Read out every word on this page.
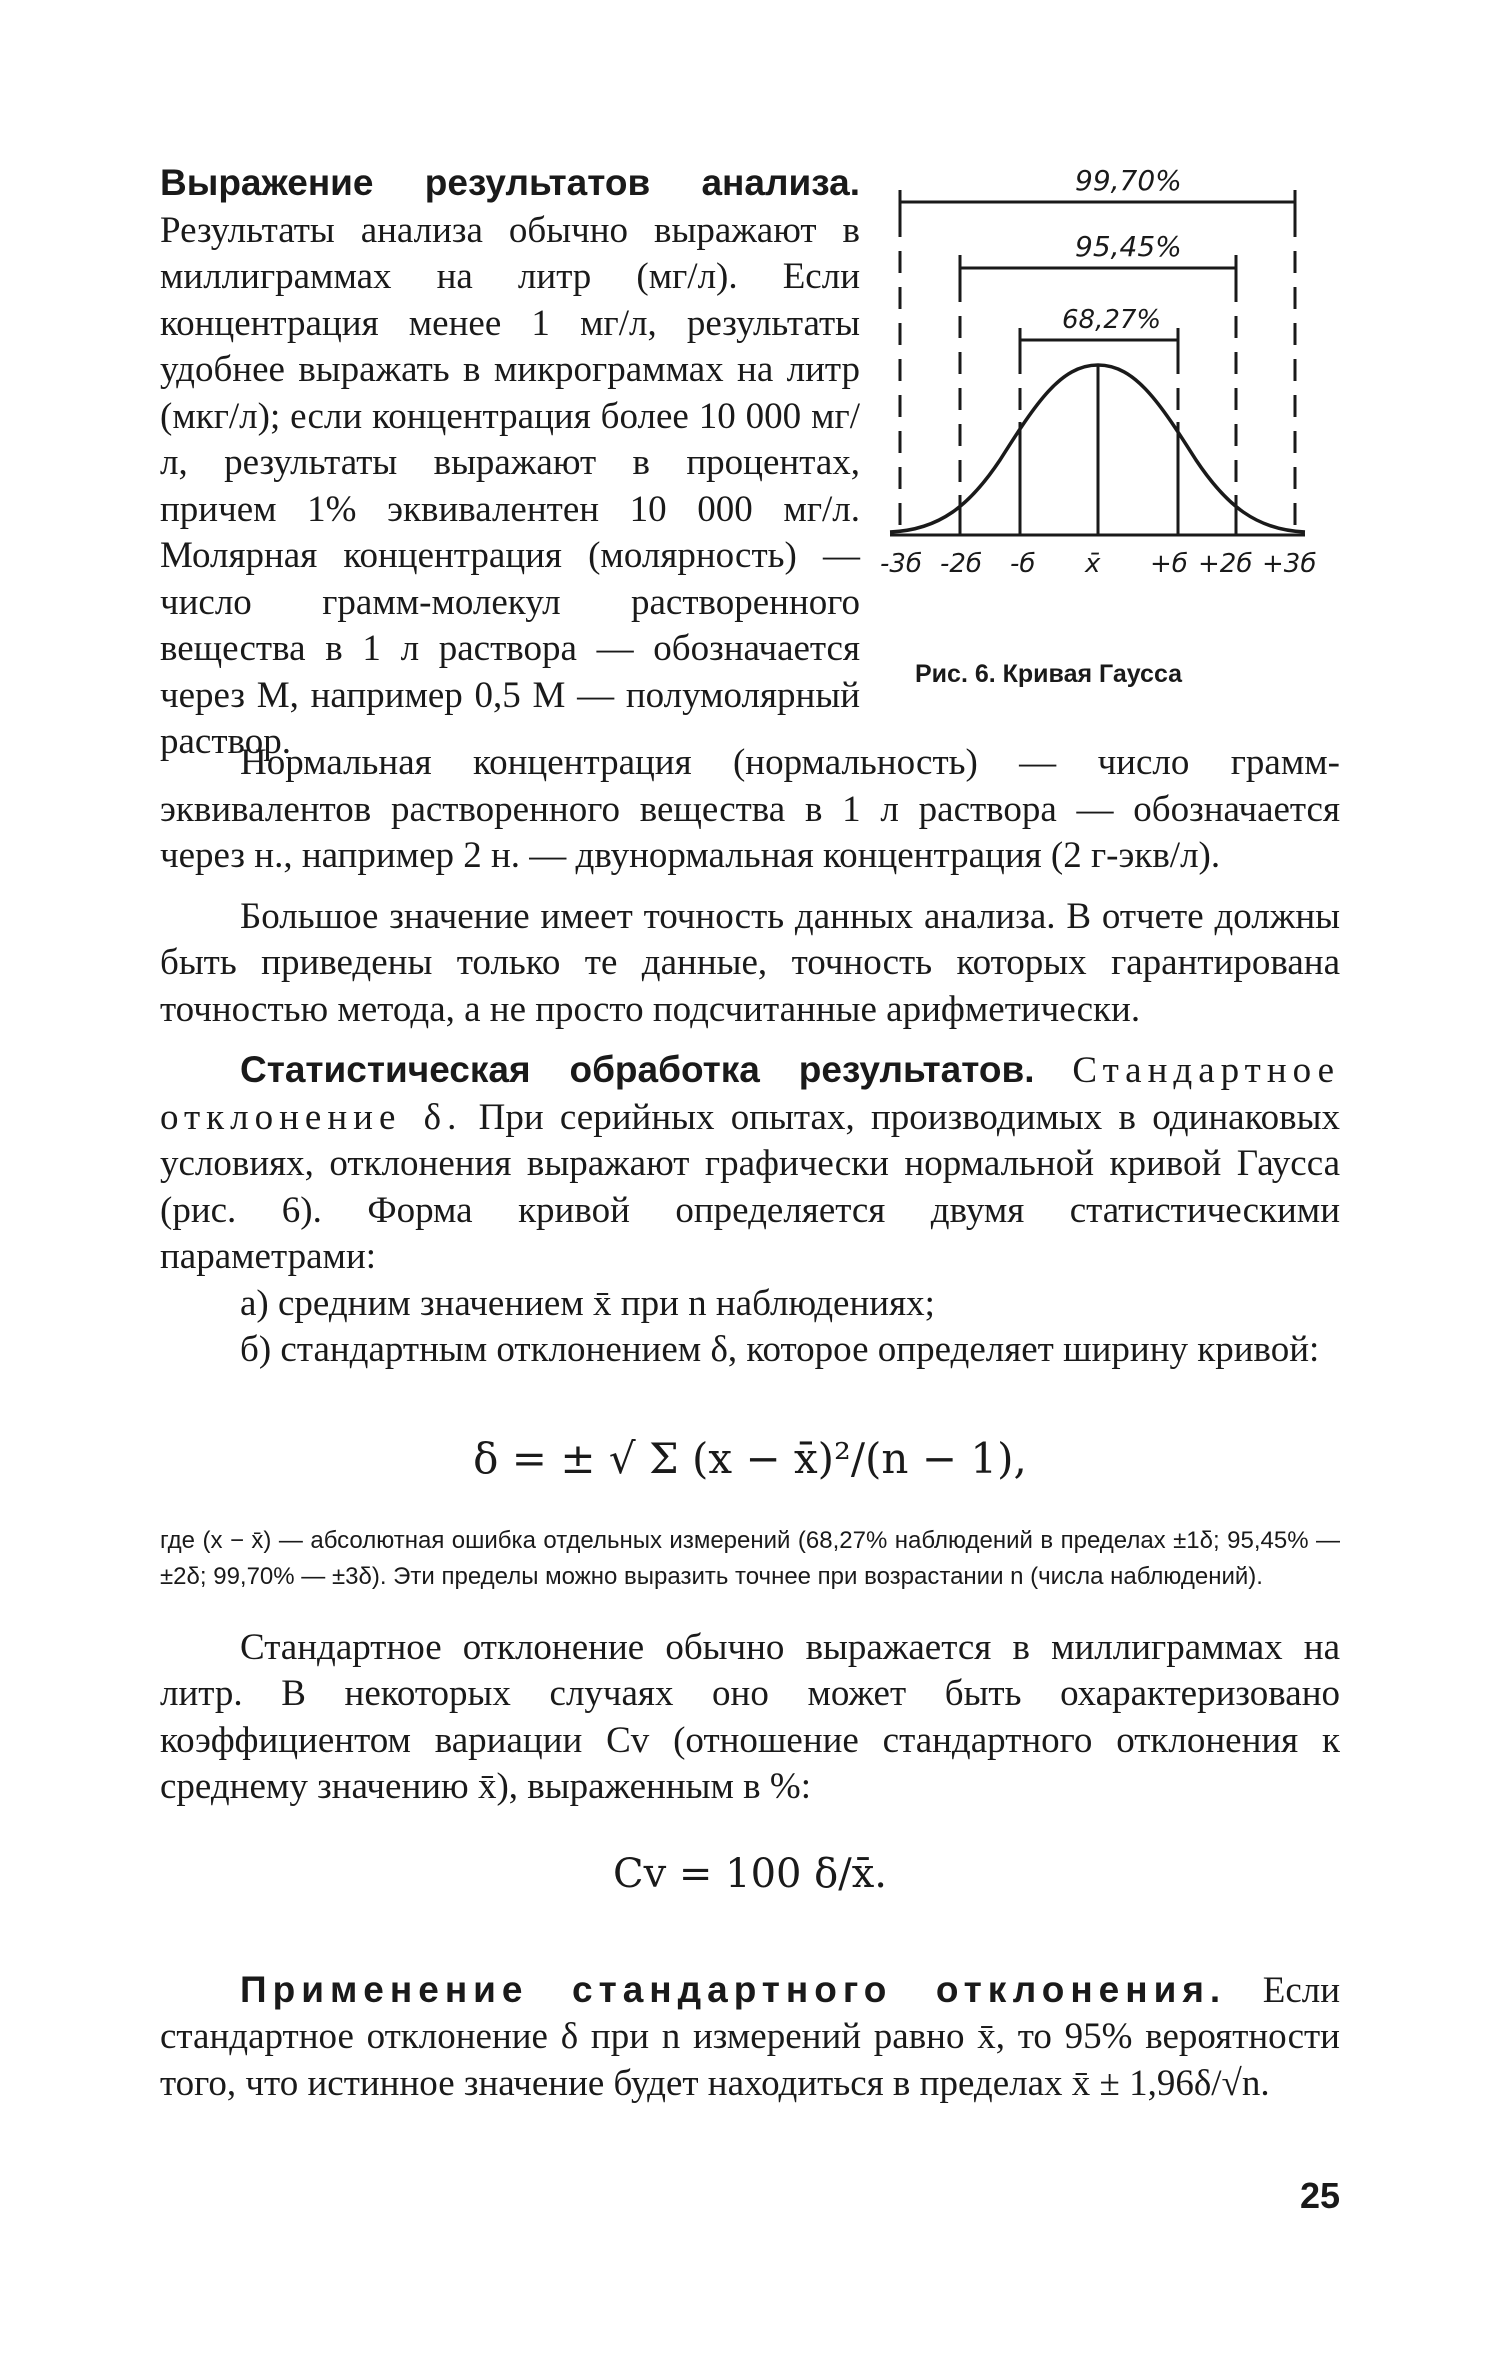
Выражение результатов анализа. Результаты анализа обычно выражают в миллиграммах на литр (мг/л). Если концентрация менее 1 мг/л, результаты удобнее выражать в микрограммах на литр (мкг/л); если концентрация более 10 000 мг/л, результаты выражают в процентах, причем 1% эквивалентен 10 000 мг/л. Молярная концентрация (молярность) — число грамм-молекул растворенного вещества в 1 л раствора — обозначается через М, например 0,5 М — полумолярный раствор.

99,70%
95,45%
68,27%
-3б -2б -б x̄ +б +2б +3б
Рис. 6. Кривая Гаусса

Нормальная концентрация (нормальность) — число грамм-эквивалентов растворенного вещества в 1 л раствора — обозначается через н., например 2 н. — двунормальная концентрация (2 г-экв/л).

Большое значение имеет точность данных анализа. В отчете должны быть приведены только те данные, точность которых гарантирована точностью метода, а не просто подсчитанные арифметически.

Статистическая обработка результатов. Стандартное отклонение δ. При серийных опытах, производимых в одинаковых условиях, отклонения выражают графически нормальной кривой Гаусса (рис. 6). Форма кривой определяется двумя статистическими параметрами:

а) средним значением x̄ при n наблюдениях;

б) стандартным отклонением δ, которое определяет ширину кривой:

δ = ± √ Σ (x − x̄)²/(n − 1),

где (x − x̄) — абсолютная ошибка отдельных измерений (68,27% наблюдений в пределах ±1δ; 95,45% — ±2δ; 99,70% — ±3δ). Эти пределы можно выразить точнее при возрастании n (числа наблюдений).

Стандартное отклонение обычно выражается в миллиграммах на литр. В некоторых случаях оно может быть охарактеризовано коэффициентом вариации Cv (отношение стандартного отклонения к среднему значению x̄), выраженным в %:

Cv = 100 δ/x̄.

Применение стандартного отклонения. Если стандартное отклонение δ при n измерений равно x̄, то 95% вероятности того, что истинное значение будет находиться в пределах x̄ ± 1,96δ/√n.

25
